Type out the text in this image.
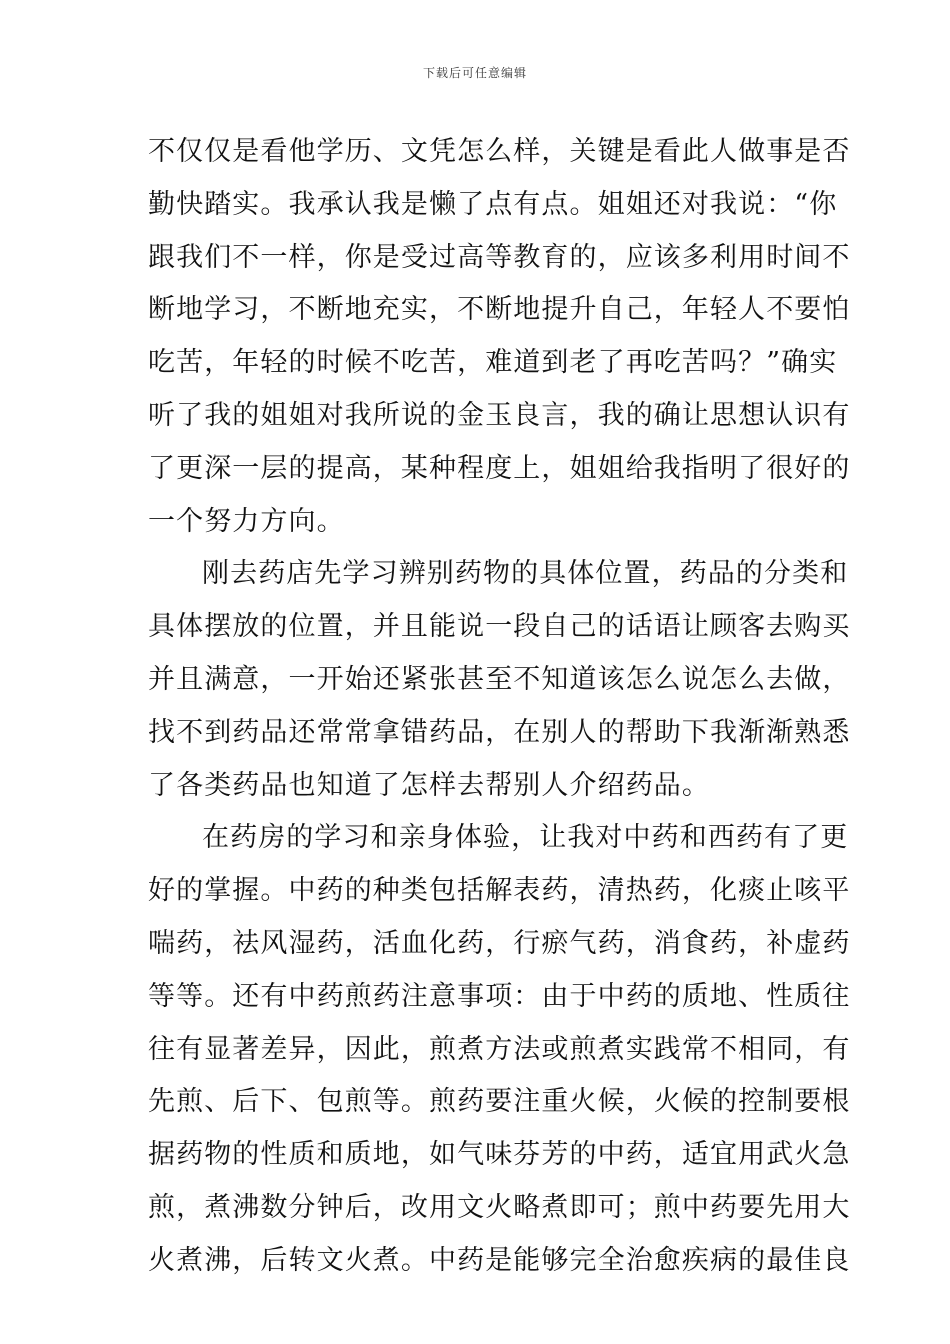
下载后可任意编辑
不仅仅是看他学历、文凭怎么样，关键是看此人做事是否
勤快踏实。我承认我是懒了点有点。姐姐还对我说：“你
跟我们不一样，你是受过高等教育的，应该多利用时间不
断地学习，不断地充实，不断地提升自己，年轻人不要怕
吃苦，年轻的时候不吃苦，难道到老了再吃苦吗？”确实
听了我的姐姐对我所说的金玉良言，我的确让思想认识有
了更深一层的提高，某种程度上，姐姐给我指明了很好的
一个努力方向。
刚去药店先学习辨别药物的具体位置，药品的分类和
具体摆放的位置，并且能说一段自己的话语让顾客去购买
并且满意，一开始还紧张甚至不知道该怎么说怎么去做，
找不到药品还常常拿错药品，在别人的帮助下我渐渐熟悉
了各类药品也知道了怎样去帮别人介绍药品。
在药房的学习和亲身体验，让我对中药和西药有了更
好的掌握。中药的种类包括解表药，清热药，化痰止咳平
喘药，祛风湿药，活血化药，行瘀气药，消食药，补虚药
等等。还有中药煎药注意事项：由于中药的质地、性质往
往有显著差异，因此，煎煮方法或煎煮实践常不相同，有
先煎、后下、包煎等。煎药要注重火候，火候的控制要根
据药物的性质和质地，如气味芬芳的中药，适宜用武火急
煎，煮沸数分钟后，改用文火略煮即可；煎中药要先用大
火煮沸，后转文火煮。中药是能够完全治愈疾病的最佳良
